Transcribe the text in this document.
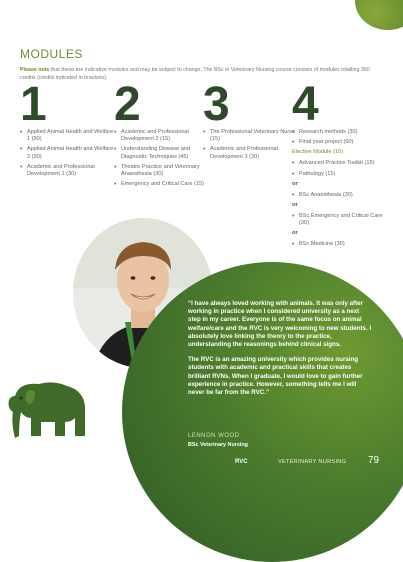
MODULES
Please note that these are indicative modules and may be subject to change. The BSc in Veterinary Nursing course consists of modules totalling 360 credits (credits indicated in brackets).
1 YEAR
• Applied Animal Health and Welfare 1 (30)
• Applied Animal Health and Welfare 2 (30)
• Academic and Professional Development 1 (30)
2	YEAR
• Academic and Professional Development 2 (15)
• Understanding Disease and Diagnostic Techniques (45)
• Theatre Practice and Veterinary Anaesthesia (30)
• Emergency and Critical Care (15)
3	YEAR
• The Professional Veterinary Nurse (15)
• Academic and Professional Development 3 (30)
4	YEAR
• Research methods (30)
• Final year project (60)
Elective Module (15)
• Advanced Practice Toolkit (15)
• Pathology (15)
or
• BSc Anaesthesia (30)
or
• BSc Emergency and Critical Care (30)
or
• BSc Medicine (30)

“I have always loved working with animals. It was only after working in practice when I considered university as a next step in my career. Everyone is of the same focus on animal welfare/care and the RVC is very welcoming to new students. I absolutely love linking the theory to the practice, understanding the reasonings behind clinical signs.

The RVC is an amazing university which provides nursing students with academic and practical skills that creates brilliant RVNs. When I graduate, I would love to gain further experience in practice. However, something tells me I will never be far from the RVC.”

LENNON WOOD
BSc Veterinary Nursing
RVC	VETERINARY NURSING 79
